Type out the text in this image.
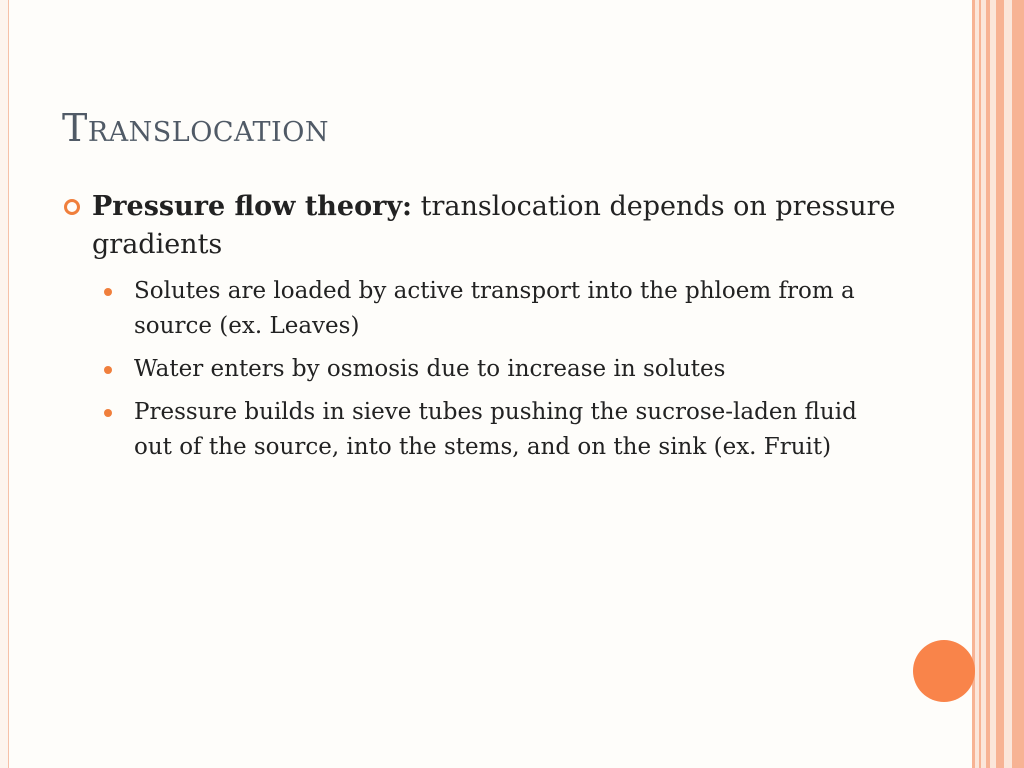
Translocation
Pressure flow theory: translocation depends on pressure gradients
Solutes are loaded by active transport into the phloem from a source (ex. Leaves)
Water enters by osmosis due to increase in solutes
Pressure builds in sieve tubes pushing the sucrose-laden fluid out of the source, into the stems, and on the sink (ex. Fruit)
